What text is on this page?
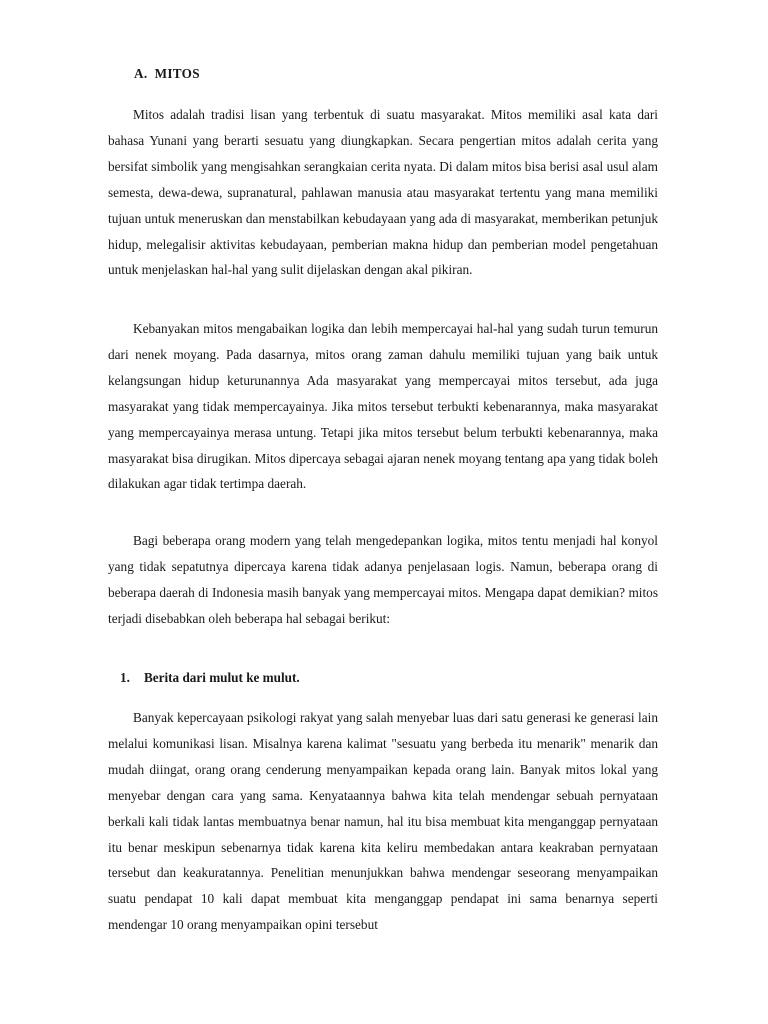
A.  MITOS

Mitos adalah tradisi lisan yang terbentuk di suatu masyarakat. Mitos memiliki asal kata dari bahasa Yunani yang berarti sesuatu yang diungkapkan. Secara pengertian mitos adalah cerita yang bersifat simbolik yang mengisahkan serangkaian cerita nyata. Di dalam mitos bisa berisi asal usul alam semesta, dewa-dewa, supranatural, pahlawan manusia atau masyarakat tertentu yang mana memiliki tujuan untuk meneruskan dan menstabilkan kebudayaan yang ada di masyarakat, memberikan petunjuk hidup, melegalisir aktivitas kebudayaan, pemberian makna hidup dan pemberian model pengetahuan untuk menjelaskan hal-hal yang sulit dijelaskan dengan akal pikiran.

Kebanyakan mitos mengabaikan logika dan lebih mempercayai hal-hal yang sudah turun temurun dari nenek moyang. Pada dasarnya, mitos orang zaman dahulu memiliki tujuan yang baik untuk kelangsungan hidup keturunannya Ada masyarakat yang mempercayai mitos tersebut, ada juga masyarakat yang tidak mempercayainya. Jika mitos tersebut terbukti kebenarannya, maka masyarakat yang mempercayainya merasa untung. Tetapi jika mitos tersebut belum terbukti kebenarannya, maka masyarakat bisa dirugikan. Mitos dipercaya sebagai ajaran nenek moyang tentang apa yang tidak boleh dilakukan agar tidak tertimpa daerah.

Bagi beberapa orang modern yang telah mengedepankan logika, mitos tentu menjadi hal konyol yang tidak sepatutnya dipercaya karena tidak adanya penjelasaan logis. Namun, beberapa orang di beberapa daerah di Indonesia masih banyak yang mempercayai mitos. Mengapa dapat demikian? mitos terjadi disebabkan oleh beberapa hal sebagai berikut:

1. Berita dari mulut ke mulut.

Banyak kepercayaan psikologi rakyat yang salah menyebar luas dari satu generasi ke generasi lain melalui komunikasi lisan. Misalnya karena kalimat "sesuatu yang berbeda itu menarik" menarik dan mudah diingat, orang orang cenderung menyampaikan kepada orang lain. Banyak mitos lokal yang menyebar dengan cara yang sama. Kenyataannya bahwa kita telah mendengar sebuah pernyataan berkali kali tidak lantas membuatnya benar namun, hal itu bisa membuat kita menganggap pernyataan itu benar meskipun sebenarnya tidak karena kita keliru membedakan antara keakraban pernyataan tersebut dan keakuratannya. Penelitian menunjukkan bahwa mendengar seseorang menyampaikan suatu pendapat 10 kali dapat membuat kita menganggap pendapat ini sama benarnya seperti mendengar 10 orang menyampaikan opini tersebut
